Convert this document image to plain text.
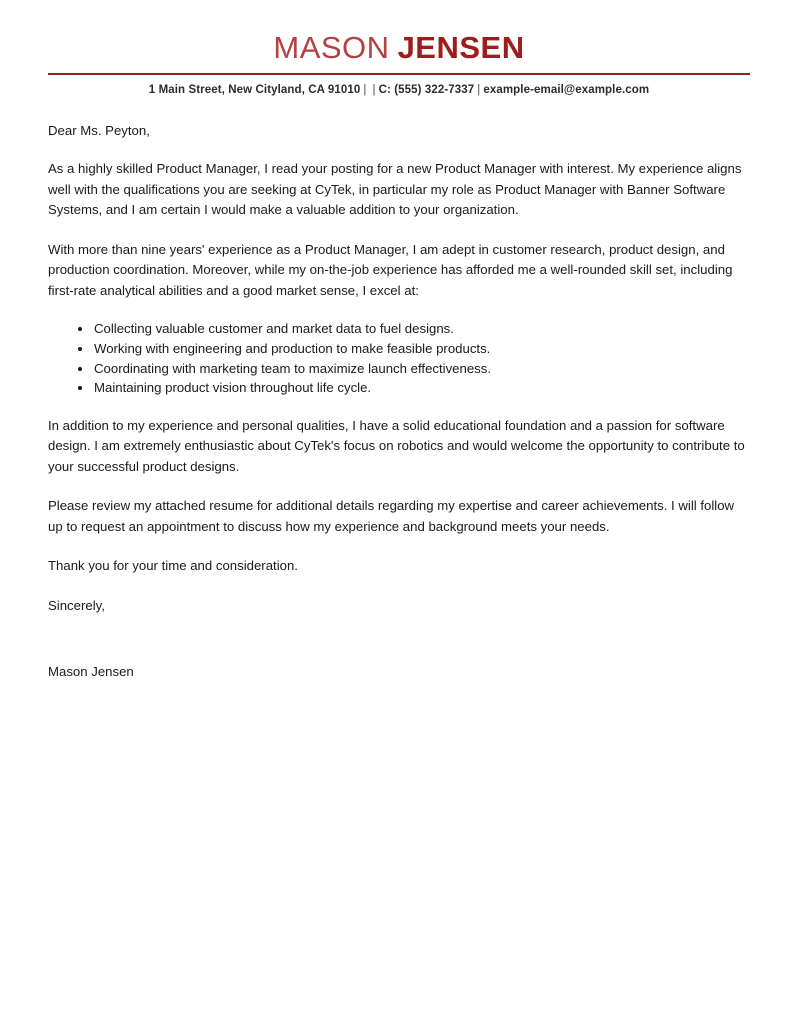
MASON JENSEN
1 Main Street, New Cityland, CA 91010 | | C: (555) 322-7337 | example-email@example.com
Dear Ms. Peyton,

As a highly skilled Product Manager, I read your posting for a new Product Manager with interest. My experience aligns well with the qualifications you are seeking at CyTek, in particular my role as Product Manager with Banner Software Systems, and I am certain I would make a valuable addition to your organization.

With more than nine years' experience as a Product Manager, I am adept in customer research, product design, and production coordination. Moreover, while my on-the-job experience has afforded me a well-rounded skill set, including first-rate analytical abilities and a good market sense, I excel at:

Collecting valuable customer and market data to fuel designs.
Working with engineering and production to make feasible products.
Coordinating with marketing team to maximize launch effectiveness.
Maintaining product vision throughout life cycle.

In addition to my experience and personal qualities, I have a solid educational foundation and a passion for software design. I am extremely enthusiastic about CyTek's focus on robotics and would welcome the opportunity to contribute to your successful product designs.

Please review my attached resume for additional details regarding my expertise and career achievements. I will follow up to request an appointment to discuss how my experience and background meets your needs.

Thank you for your time and consideration.

Sincerely,

Mason Jensen
